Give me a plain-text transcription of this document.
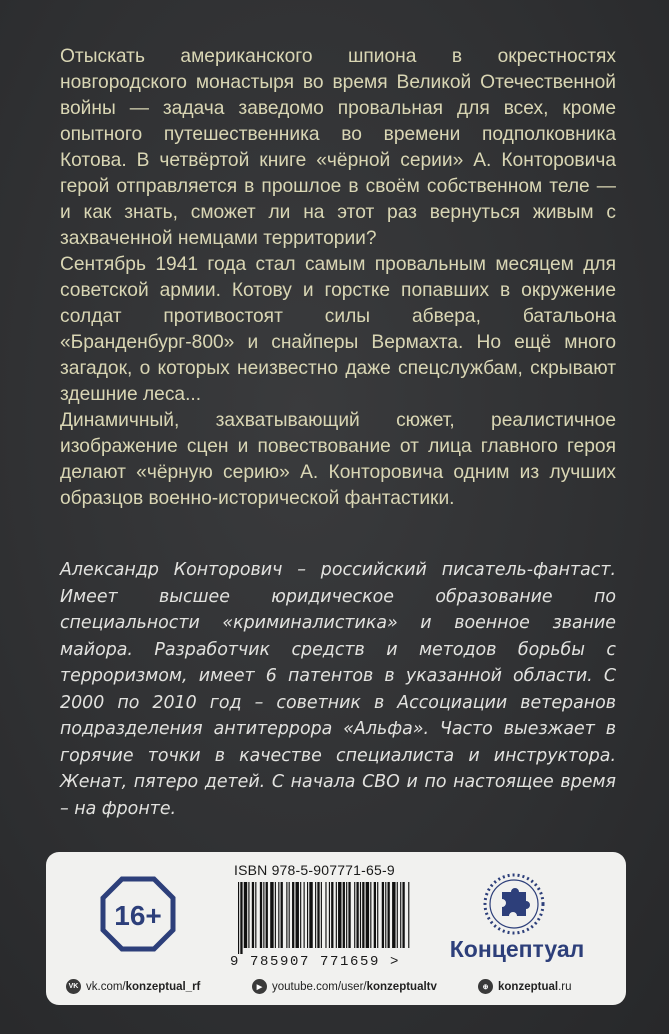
Отыскать американского шпиона в окрестностях новгородского монастыря во время Великой Отечественной войны — задача заведомо провальная для всех, кроме опытного путешественника во времени подполковника Котова. В четвёртой книге «чёрной серии» А. Конторовича герой отправляется в прошлое в своём собственном теле — и как знать, сможет ли на этот раз вернуться живым с захваченной немцами территории?

Сентябрь 1941 года стал самым провальным месяцем для советской армии. Котову и горстке попавших в окружение солдат противостоят силы абвера, батальона «Бранденбург-800» и снайперы Вермахта. Но ещё много загадок, о которых неизвестно даже спецслужбам, скрывают здешние леса...

Динамичный, захватывающий сюжет, реалистичное изображение сцен и повествование от лица главного героя делают «чёрную серию» А. Конторовича одним из лучших образцов военно-исторической фантастики.

Александр Конторович – российский писатель-фантаст. Имеет высшее юридическое образование по специальности «криминалистика» и военное звание майора. Разработчик средств и методов борьбы с терроризмом, имеет 6 патентов в указанной области. С 2000 по 2010 год – советник в Ассоциации ветеранов подразделения антитеррора «Альфа». Часто выезжает в горячие точки в качестве специалиста и инструктора. Женат, пятеро детей. С начала СВО и по настоящее время – на фронте.
16+
ISBN 978-5-907771-65-9
9 785907 771659 >	Концептуал
VK vk.com/konzeptual_rf	▶ youtube.com/user/konzeptualtv	⊕ konzeptual.ru
